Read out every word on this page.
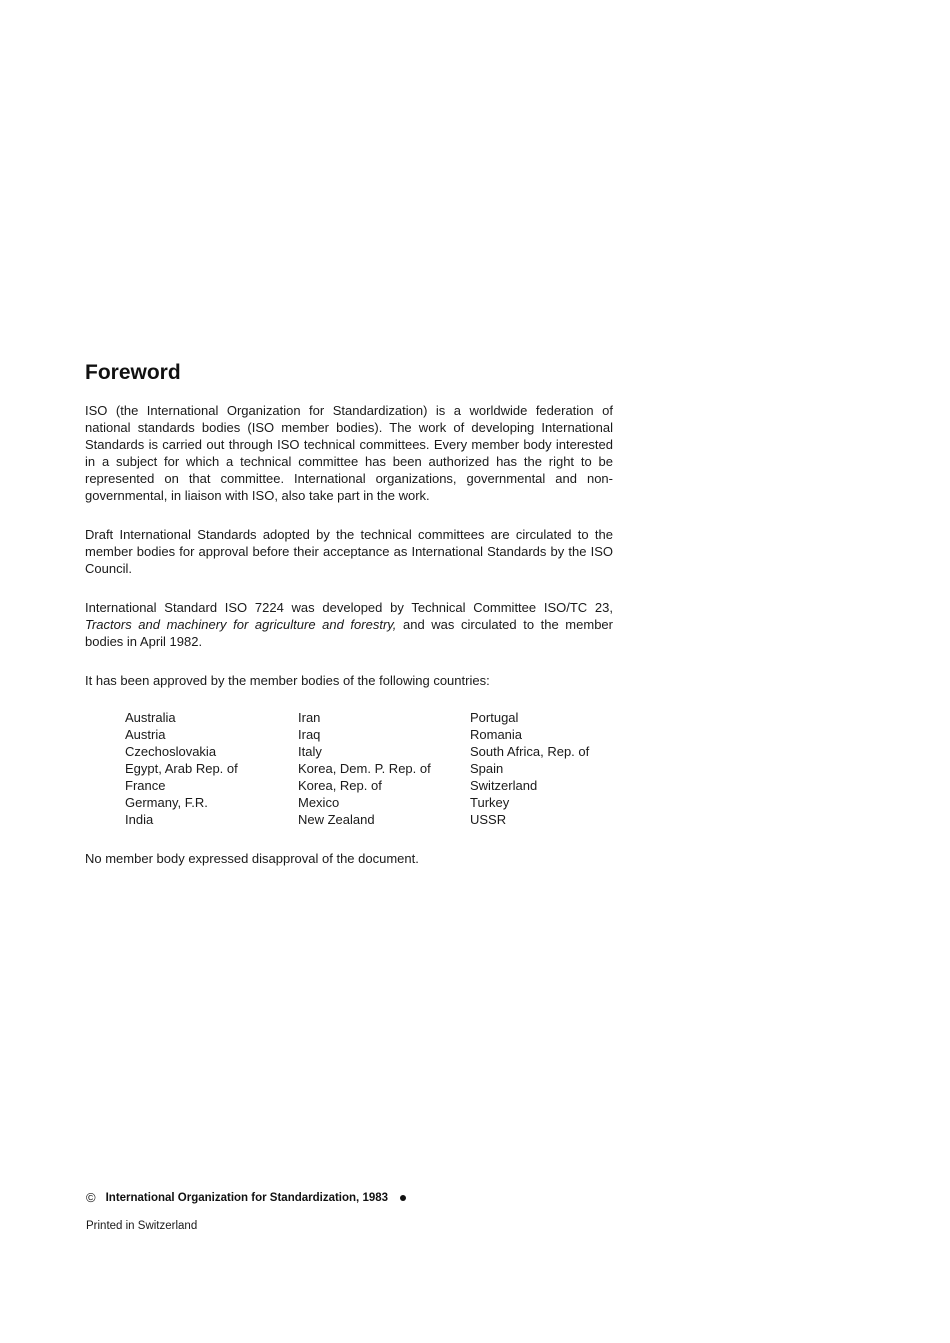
Foreword

ISO (the International Organization for Standardization) is a worldwide federation of national standards bodies (ISO member bodies). The work of developing International Standards is carried out through ISO technical committees. Every member body interested in a subject for which a technical committee has been authorized has the right to be represented on that committee. International organizations, governmental and non-governmental, in liaison with ISO, also take part in the work.

Draft International Standards adopted by the technical committees are circulated to the member bodies for approval before their acceptance as International Standards by the ISO Council.

International Standard ISO 7224 was developed by Technical Committee ISO/TC 23, Tractors and machinery for agriculture and forestry, and was circulated to the member bodies in April 1982.

It has been approved by the member bodies of the following countries:

Australia
Austria
Czechoslovakia
Egypt, Arab Rep. of
France
Germany, F.R.
India
Iran
Iraq
Italy
Korea, Dem. P. Rep. of
Korea, Rep. of
Mexico
New Zealand
Portugal
Romania
South Africa, Rep. of
Spain
Switzerland
Turkey
USSR

No member body expressed disapproval of the document.

© International Organization for Standardization, 1983
Printed in Switzerland
